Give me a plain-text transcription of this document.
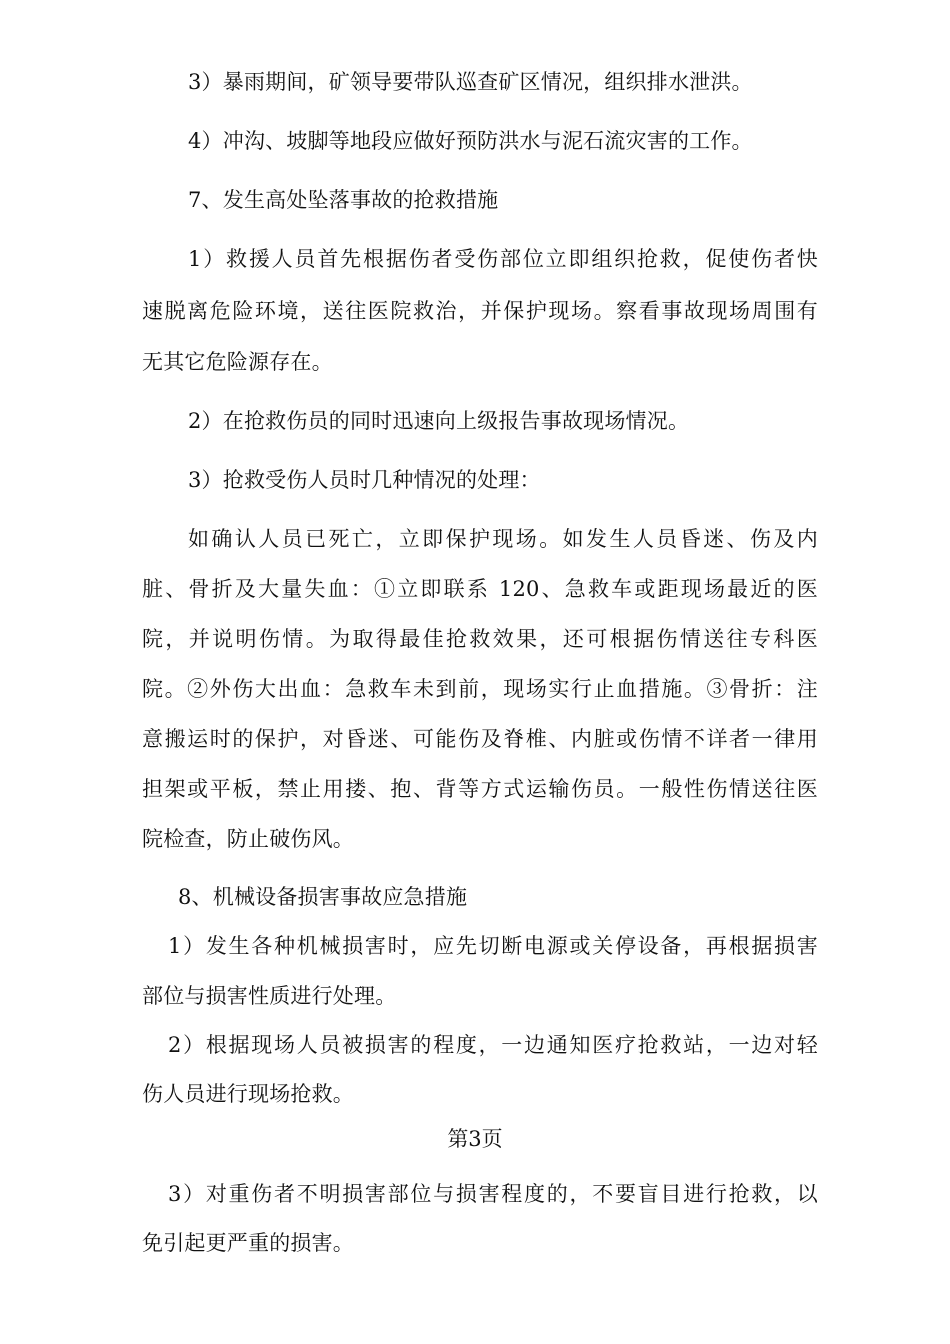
3）暴雨期间，矿领导要带队巡查矿区情况，组织排水泄洪。
4）冲沟、坡脚等地段应做好预防洪水与泥石流灾害的工作。
7、发生高处坠落事故的抢救措施
1）救援人员首先根据伤者受伤部位立即组织抢救，促使伤者快
速脱离危险环境，送往医院救治，并保护现场。察看事故现场周围有
无其它危险源存在。
2）在抢救伤员的同时迅速向上级报告事故现场情况。
3）抢救受伤人员时几种情况的处理：
如确认人员已死亡，立即保护现场。如发生人员昏迷、伤及内
脏、骨折及大量失血：①立即联系 120、急救车或距现场最近的医
院，并说明伤情。为取得最佳抢救效果，还可根据伤情送往专科医
院。②外伤大出血：急救车未到前，现场实行止血措施。③骨折：注
意搬运时的保护，对昏迷、可能伤及脊椎、内脏或伤情不详者一律用
担架或平板，禁止用搂、抱、背等方式运输伤员。一般性伤情送往医
院检查，防止破伤风。
8、机械设备损害事故应急措施
1）发生各种机械损害时，应先切断电源或关停设备，再根据损害
部位与损害性质进行处理。
2）根据现场人员被损害的程度，一边通知医疗抢救站，一边对轻
伤人员进行现场抢救。
第3页
3）对重伤者不明损害部位与损害程度的，不要盲目进行抢救，以
免引起更严重的损害。
